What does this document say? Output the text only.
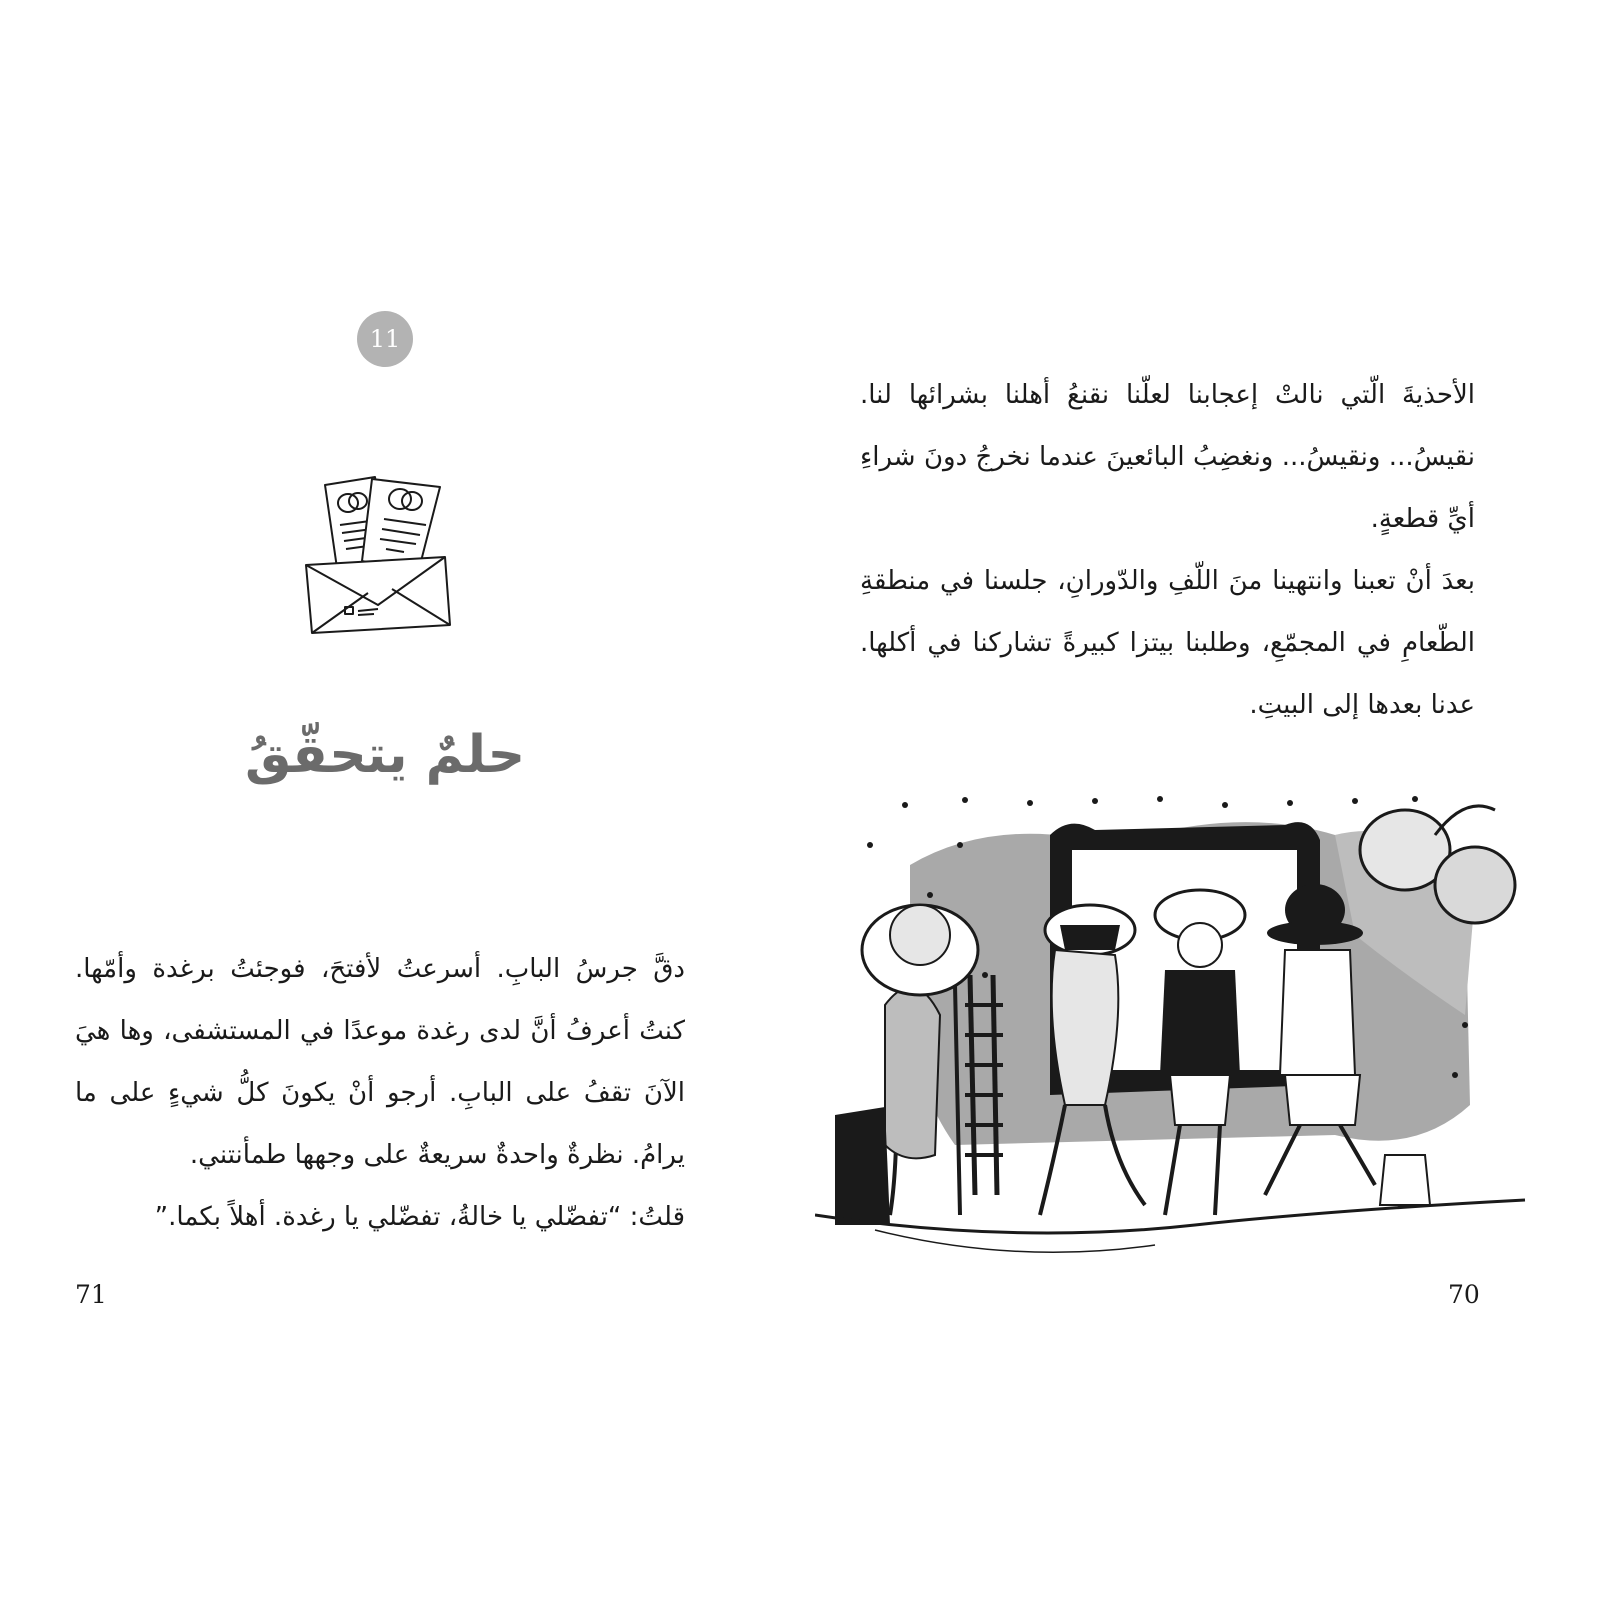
11
حلمٌ يتحقّقُ

دقَّ جرسُ البابِ. أسرعتُ لأفتحَ، فوجئتُ برغدة وأمّها. كنتُ أعرفُ أنَّ لدى رغدة موعدًا في المستشفى، وها هيَ الآنَ تقفُ على البابِ. أرجو أنْ يكونَ كلُّ شيءٍ على ما يرامُ. نظرةٌ واحدةٌ سريعةٌ على وجهها طمأنتني.

قلتُ: “تفضّلي يا خالةُ، تفضّلي يا رغدة. أهلاً بكما.”

71

الأحذيةَ الّتي نالتْ إعجابنا لعلّنا نقنعُ أهلنا بشرائها لنا. نقيسُ... ونقيسُ... ونغضِبُ البائعينَ عندما نخرجُ دونَ شراءِ أيِّ قطعةٍ.

بعدَ أنْ تعبنا وانتهينا منَ اللّفِ والدّورانِ، جلسنا في منطقةِ الطّعامِ في المجمّعِ، وطلبنا بيتزا كبيرةً تشاركنا في أكلها. عدنا بعدها إلى البيتِ.

70
